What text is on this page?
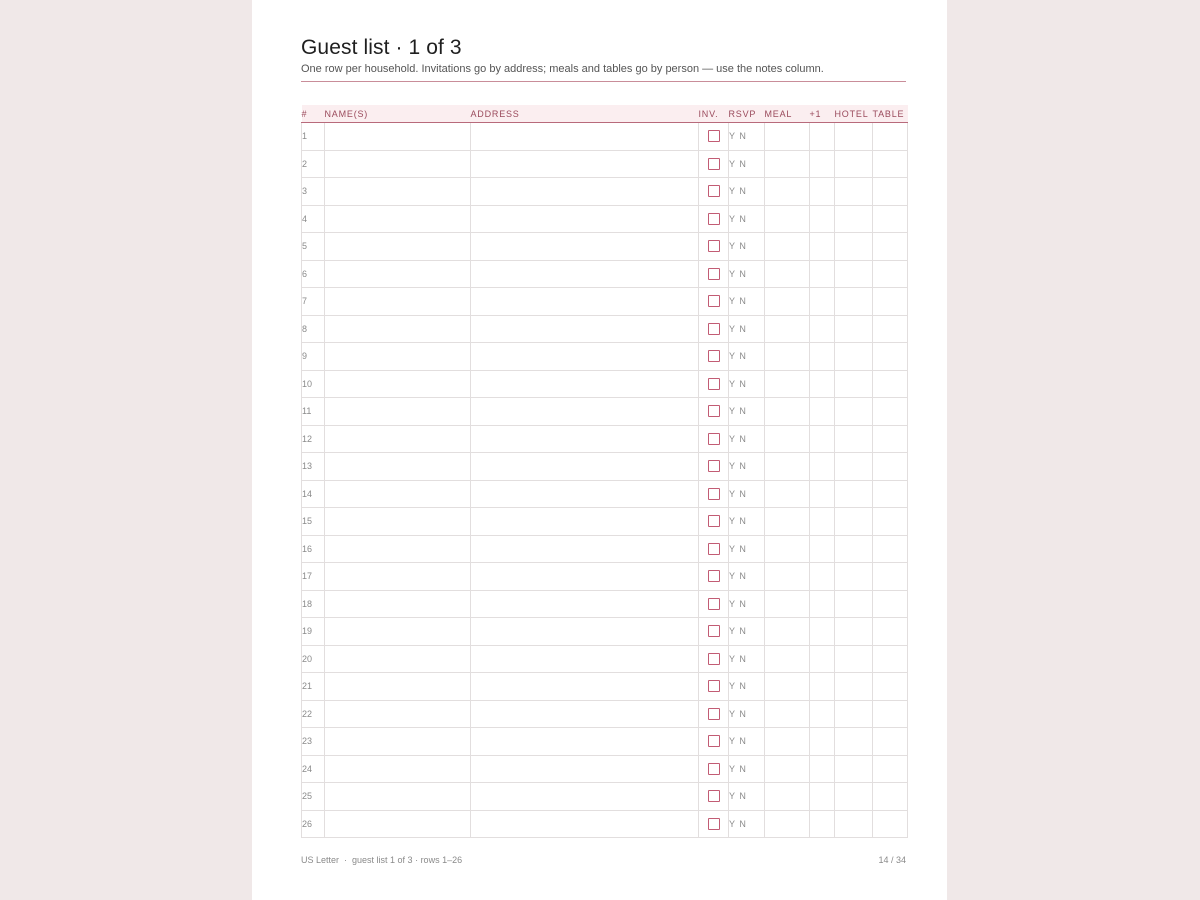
Guest list · 1 of 3
One row per household. Invitations go by address; meals and tables go by person — use the notes column.
#	NAME(S)	ADDRESS	INV.	RSVP	MEAL	+1	HOTEL	TABLE
1				Y N				
2				Y N				
3				Y N				
4				Y N				
5				Y N				
6				Y N				
7				Y N				
8				Y N				
9				Y N				
10				Y N				
11				Y N				
12				Y N				
13				Y N				
14				Y N				
15				Y N				
16				Y N				
17				Y N				
18				Y N				
19				Y N				
20				Y N				
21				Y N				
22				Y N				
23				Y N				
24				Y N				
25				Y N				
26				Y N				
US Letter · guest list 1 of 3 · rows 1–26	14 / 34
